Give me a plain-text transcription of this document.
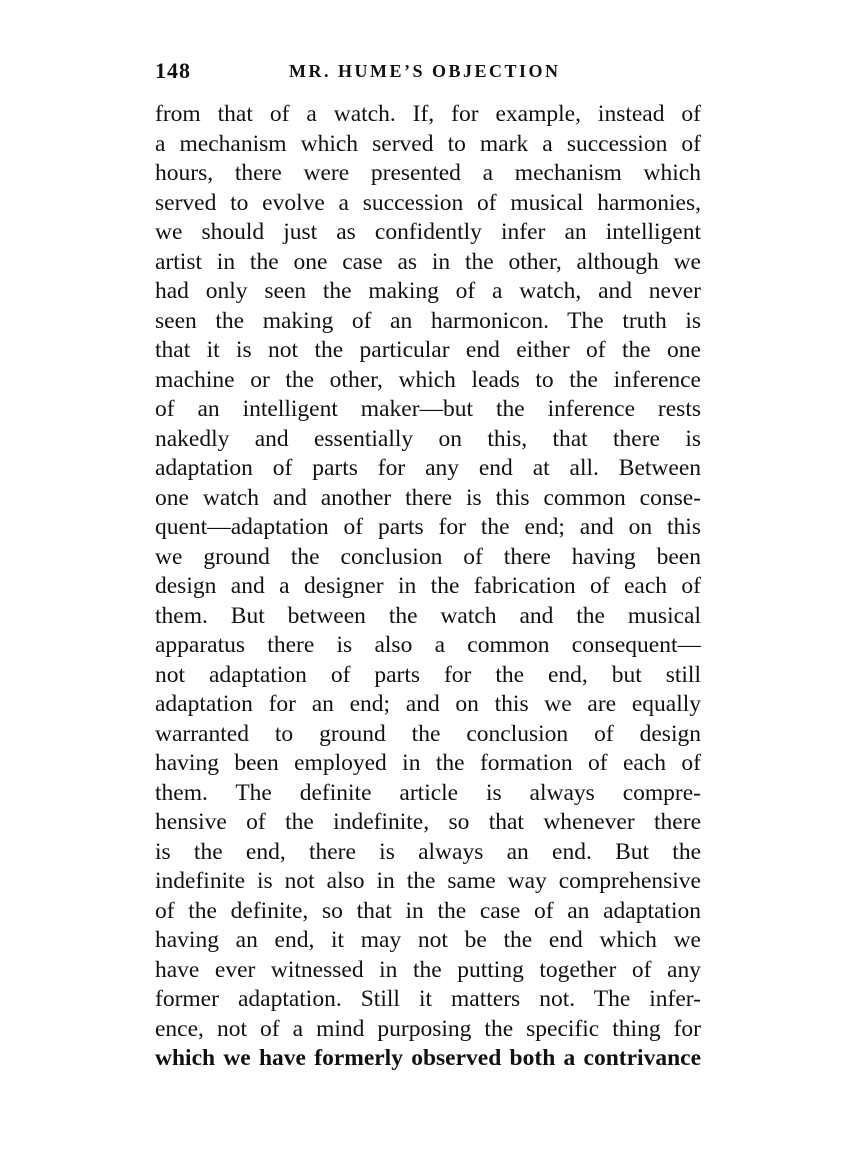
148	MR. HUME’S OBJECTION
from that of a watch. If, for example, instead of
a mechanism which served to mark a succession of
hours, there were presented a mechanism which
served to evolve a succession of musical harmonies,
we should just as confidently infer an intelligent
artist in the one case as in the other, although we
had only seen the making of a watch, and never
seen the making of an harmonicon. The truth is
that it is not the particular end either of the one
machine or the other, which leads to the inference
of an intelligent maker—but the inference rests
nakedly and essentially on this, that there is
adaptation of parts for any end at all. Between
one watch and another there is this common conse-
quent—adaptation of parts for the end; and on this
we ground the conclusion of there having been
design and a designer in the fabrication of each of
them. But between the watch and the musical
apparatus there is also a common consequent—
not adaptation of parts for the end, but still
adaptation for an end; and on this we are equally
warranted to ground the conclusion of design
having been employed in the formation of each of
them. The definite article is always compre-
hensive of the indefinite, so that whenever there
is the end, there is always an end. But the
indefinite is not also in the same way comprehensive
of the definite, so that in the case of an adaptation
having an end, it may not be the end which we
have ever witnessed in the putting together of any
former adaptation. Still it matters not. The infer-
ence, not of a mind purposing the specific thing for
which we have formerly observed both a contrivance
